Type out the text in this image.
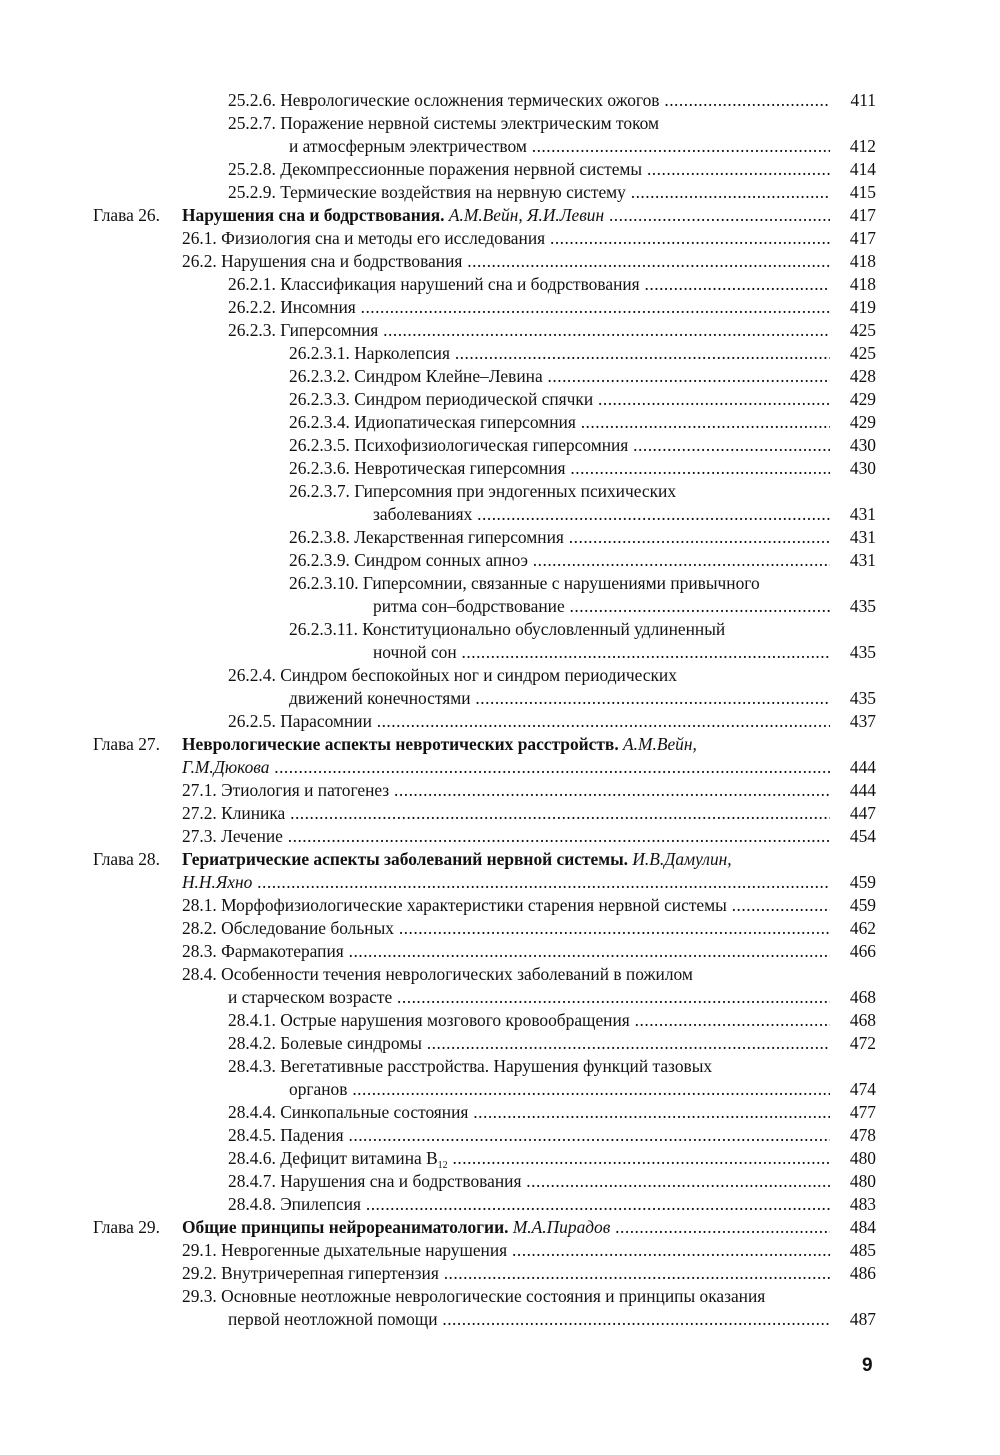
25.2.6. Неврологические осложнения термических ожогов .....	411
25.2.7. Поражение нервной системы электрическим током
и атмосферным электричеством .....	412
25.2.8. Декомпрессионные поражения нервной системы .....	414
25.2.9. Термические воздействия на нервную систему .....	415
Глава 26. Нарушения сна и бодрствования. А.М.Вейн, Я.И.Левин .....	417
26.1. Физиология сна и методы его исследования .....	417
26.2. Нарушения сна и бодрствования .....	418
26.2.1. Классификация нарушений сна и бодрствования .....	418
26.2.2. Инсомния .....	419
26.2.3. Гиперсомния .....	425
26.2.3.1. Нарколепсия .....	425
26.2.3.2. Синдром Клейне–Левина .....	428
26.2.3.3. Синдром периодической спячки .....	429
26.2.3.4. Идиопатическая гиперсомния .....	429
26.2.3.5. Психофизиологическая гиперсомния .....	430
26.2.3.6. Невротическая гиперсомния .....	430
26.2.3.7. Гиперсомния при эндогенных психических
заболеваниях .....	431
26.2.3.8. Лекарственная гиперсомния .....	431
26.2.3.9. Синдром сонных апноэ .....	431
26.2.3.10. Гиперсомнии, связанные с нарушениями привычного
ритма сон–бодрствование .....	435
26.2.3.11. Конституционально обусловленный удлиненный
ночной сон .....	435
26.2.4. Синдром беспокойных ног и синдром периодических
движений конечностями .....	435
26.2.5. Парасомнии .....	437
Глава 27. Неврологические аспекты невротических расстройств. А.М.Вейн,
Г.М.Дюкова .....	444
27.1. Этиология и патогенез .....	444
27.2. Клиника .....	447
27.3. Лечение .....	454
Глава 28. Гериатрические аспекты заболеваний нервной системы. И.В.Дамулин,
Н.Н.Яхно .....	459
28.1. Морфофизиологические характеристики старения нервной системы .....	459
28.2. Обследование больных .....	462
28.3. Фармакотерапия .....	466
28.4. Особенности течения неврологических заболеваний в пожилом
и старческом возрасте .....	468
28.4.1. Острые нарушения мозгового кровообращения .....	468
28.4.2. Болевые синдромы .....	472
28.4.3. Вегетативные расстройства. Нарушения функций тазовых
органов .....	474
28.4.4. Синкопальные состояния .....	477
28.4.5. Падения .....	478
28.4.6. Дефицит витамина $B_{12}$ .....	480
28.4.7. Нарушения сна и бодрствования .....	480
28.4.8. Эпилепсия .....	483
Глава 29. Общие принципы нейрореаниматологии. М.А.Пирадов .....	484
29.1. Неврогенные дыхательные нарушения .....	485
29.2. Внутричерепная гипертензия .....	486
29.3. Основные неотложные неврологические состояния и принципы оказания
первой неотложной помощи .....	487
9
